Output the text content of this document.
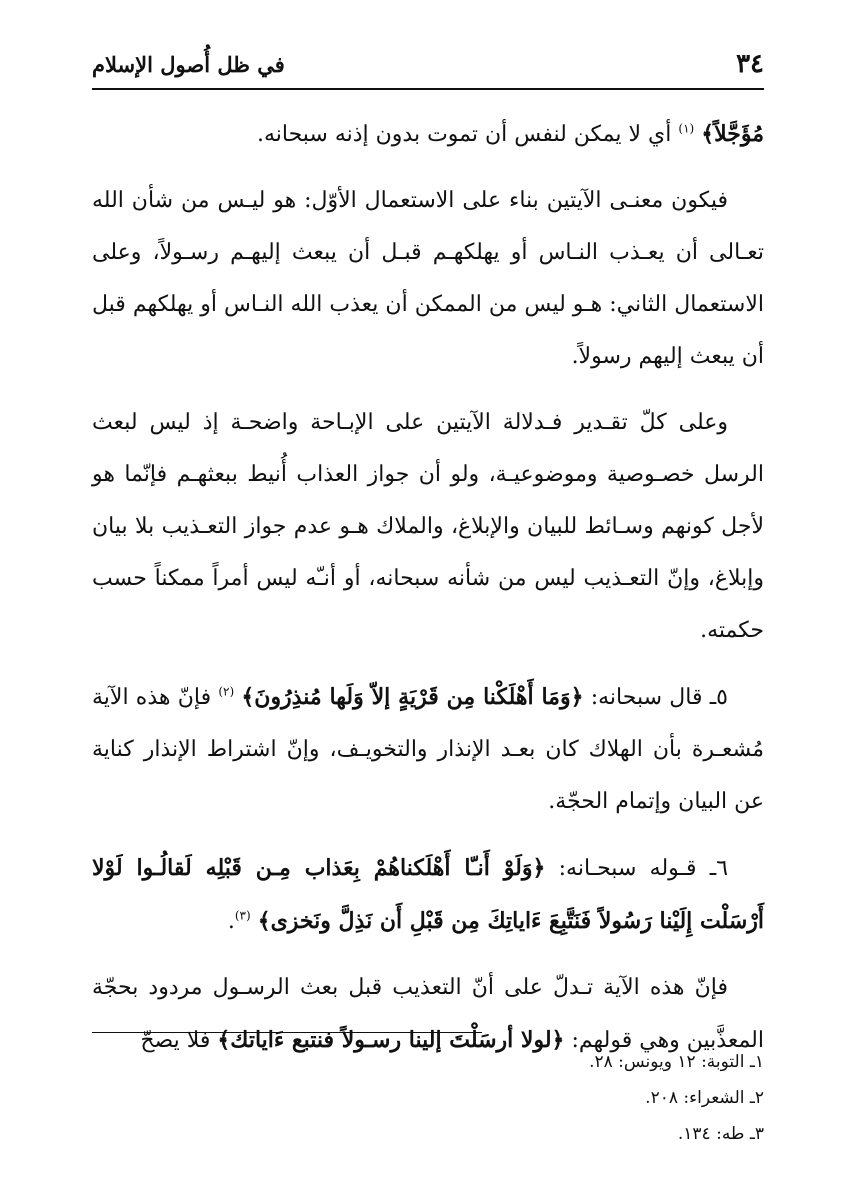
٣٤
في ظل أُصول الإسلام

مُؤَجَّلاً﴾ $^{(١)}$ أي لا يمكن لنفس أن تموت بدون إذنه سبحانه.

فيكون معنـى الآيتين بناء على الاستعمال الأوّل: هو ليـس من شأن الله تعـالى أن يعـذب النـاس أو يهلكهـم قبـل أن يبعث إليهـم رسـولاً، وعلى الاستعمال الثاني: هـو ليس من الممكن أن يعذب الله النـاس أو يهلكهم قبل أن يبعث إليهم رسولاً.

وعلى كلّ تقـدير فـدلالة الآيتين على الإبـاحة واضحـة إذ ليس لبعث الرسل خصـوصية وموضوعيـة، ولو أن جواز العذاب أُنيط ببعثهـم فإنّما هو لأجل كونهم وسـائط للبيان والإبلاغ، والملاك هـو عدم جواز التعـذيب بلا بيان وإبلاغ، وإنّ التعـذيب ليس من شأنه سبحانه، أو أنـّه ليس أمراً ممكناً حسب حكمته.

٥ـ قال سبحانه: ﴿وَمَا أَهْلَكْنا مِن قَرْيَةٍ إلاّ وَلَها مُنذِرُونَ﴾ $^{(٢)}$ فإنّ هذه الآية مُشعـرة بأن الهلاك كان بعـد الإنذار والتخويـف، وإنّ اشتراط الإنذار كناية عن البيان وإتمام الحجّة.

٦ـ قـوله سبحـانه: ﴿وَلَوْ أَنـّا أَهْلَكناهُمْ بِعَذاب مِـن قَبْلِه لَقالُـوا لَوْلا أَرْسَلْت إِلَيْنا رَسُولاً فَنَتَّبِعَ ءَاياتِكَ مِن قَبْلِ أَن نَذِلَّ ونَخزى﴾ $^{(٣)}$.

فإنّ هذه الآية تـدلّ على أنّ التعذيب قبل بعث الرسـول مردود بحجّة المعذَّبين وهي قولهم: ﴿لولا أرسَلْتَ إلينا رسـولاً فنتبع ءَاياتك﴾ فلا يصحّ

١ـ التوبة: ١٢ ويونس: ٢٨.
٢ـ الشعراء: ٢٠٨.
٣ـ طه: ١٣٤.
